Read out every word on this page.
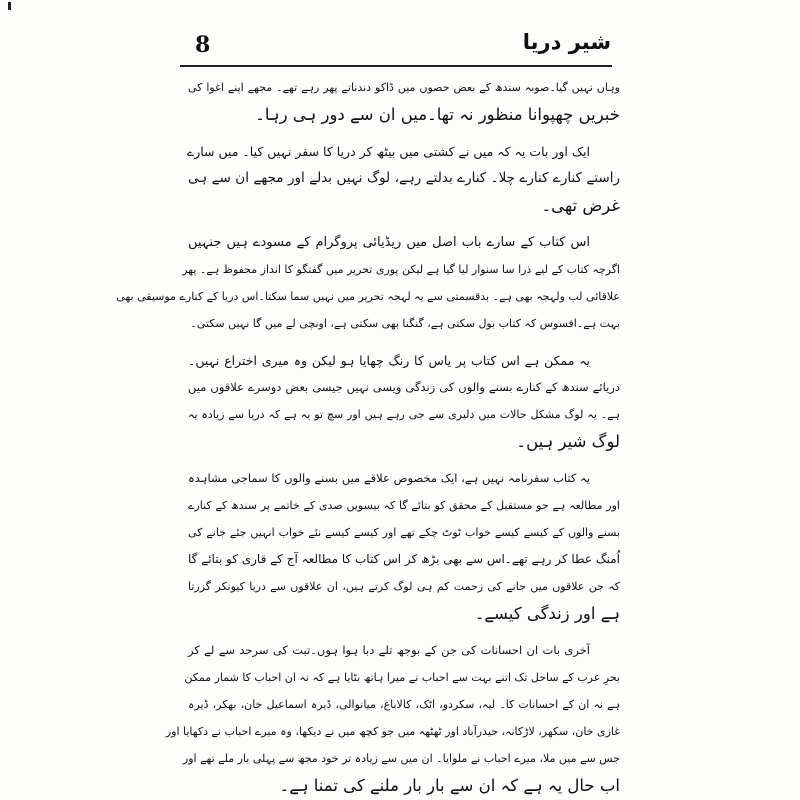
8	شیر دریا
وہاں نہیں گیا۔صوبہ سندھ کے بعض حصوں میں ڈاکو دندناتے پھر رہے تھے۔ مجھے اپنے اغوا کی
خبریں چھپوانا منظور نہ تھا۔میں ان سے دور ہی رہا۔
ایک اور بات یہ کہ میں نے کشتی میں بیٹھ کر دریا کا سفر نہیں کیا۔ میں سارے
راستے کنارے کنارے چلا۔ کنارے بدلتے رہے، لوگ نہیں بدلے اور مجھے ان سے ہی
غرض تھی۔
اس کتاب کے سارے باب اصل میں ریڈیائی پروگرام کے مسودے ہیں جنہیں
اگرچہ کتاب کے لیے ذرا سا سنوار لیا گیا ہے لیکن پوری تحریر میں گفتگو کا انداز محفوظ ہے۔ پھر
علاقائی لب ولہجہ بھی ہے۔ بدقسمتی سے یہ لہجہ تحریر میں نہیں سما سکتا۔اس دریا کے کنارے موسیقی بھی
بہت ہے۔افسوس کہ کتاب بول سکتی ہے، گنگنا بھی سکتی ہے، اونچی لے میں گا نہیں سکتی۔
یہ ممکن ہے اس کتاب پر یاس کا رنگ چھایا ہو لیکن وہ میری اختراع نہیں۔
دریائے سندھ کے کنارے بسنے والوں کی زندگی ویسی نہیں جیسی بعض دوسرے علاقوں میں
ہے۔ یہ لوگ مشکل حالات میں دلیری سے جی رہے ہیں اور سچ تو یہ ہے کہ دریا سے زیادہ یہ
لوگ شیر ہیں۔
یہ کتاب سفرنامہ نہیں ہے، ایک مخصوص علاقے میں بسنے والوں کا سماجی مشاہدہ
اور مطالعہ ہے جو مستقبل کے محقق کو بتائے گا کہ بیسویں صدی کے خاتمے پر سندھ کے کنارے
بسنے والوں کے کیسے کیسے خواب ٹوٹ چکے تھے اور کیسے کیسے نئے خواب انہیں جئے جانے کی
اُمنگ عطا کر رہے تھے۔اس سے بھی بڑھ کر اس کتاب کا مطالعہ آج کے قاری کو بتائے گا
کہ جن علاقوں میں جانے کی زحمت کم ہی لوگ کرتے ہیں، ان علاقوں سے دریا کیونکر گزرتا
ہے اور زندگی کیسے۔
آخری بات ان احسانات کی جن کے بوجھ تلے دبا ہوا ہوں۔تبت کی سرحد سے لے کر
بحرِ عرب کے ساحل تک اتنے بہت سے احباب نے میرا ہاتھ بٹایا ہے کہ نہ ان احباب کا شمار ممکن
ہے نہ ان کے احسانات کا۔ لیہ، سکردو، اٹک، کالاباغ، میانوالی، ڈیرہ اسماعیل خان، بھکر، ڈیرہ
غازی خان، سکھر، لاڑکانہ، حیدرآباد اور ٹھٹھہ میں جو کچھ میں نے دیکھا، وہ میرے احباب نے دکھایا اور
جس سے میں ملا، میرے احباب نے ملوایا۔ ان میں سے زیادہ تر خود مجھ سے پہلی بار ملے تھے اور
اب حال یہ ہے کہ ان سے بار بار ملنے کی تمنا ہے۔
